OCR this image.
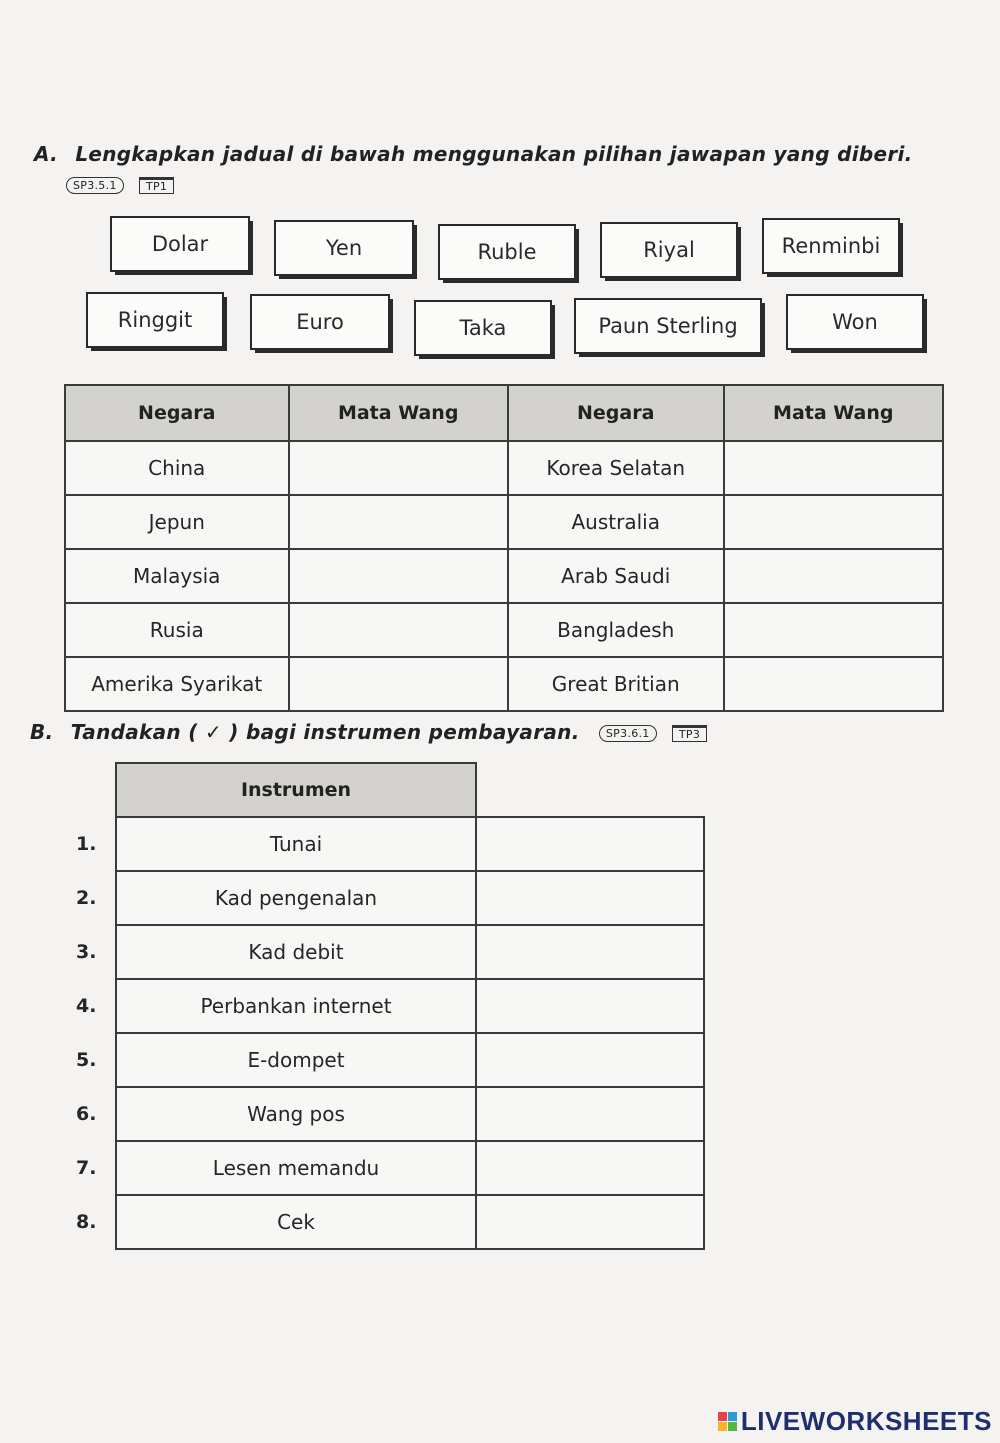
A. Lengkapkan jadual di bawah menggunakan pilihan jawapan yang diberi.
SP3.5.1	TP1
Dolar	Yen	Ruble	Riyal	Renminbi
Ringgit	Euro	Taka	Paun Sterling	Won
Negara	Mata Wang	Negara	Mata Wang
China		Korea Selatan	
Jepun		Australia	
Malaysia		Arab Saudi	
Rusia		Bangladesh	
Amerika Syarikat		Great Britian	
B. Tandakan ( ✓ ) bagi instrumen pembayaran. SP3.6.1	TP3
	Instrumen	
1.	Tunai	
2.	Kad pengenalan	
3.	Kad debit	
4.	Perbankan internet	
5.	E-dompet	
6.	Wang pos	
7.	Lesen memandu	
8.	Cek	
LIVEWORKSHEETS
